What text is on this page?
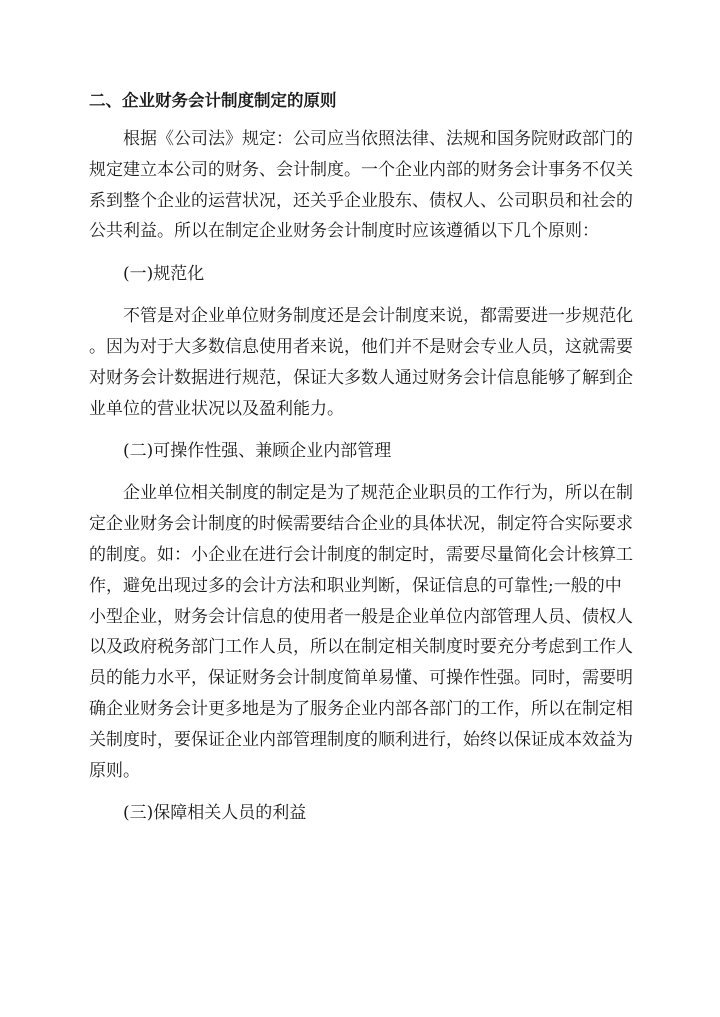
二、企业财务会计制度制定的原则
根据《公司法》规定：公司应当依照法律、法规和国务院财政部门的
规定建立本公司的财务、会计制度。一个企业内部的财务会计事务不仅关
系到整个企业的运营状况，还关乎企业股东、债权人、公司职员和社会的
公共利益。所以在制定企业财务会计制度时应该遵循以下几个原则：
(一)规范化
不管是对企业单位财务制度还是会计制度来说，都需要进一步规范化
。因为对于大多数信息使用者来说，他们并不是财会专业人员，这就需要
对财务会计数据进行规范，保证大多数人通过财务会计信息能够了解到企
业单位的营业状况以及盈利能力。
(二)可操作性强、兼顾企业内部管理
企业单位相关制度的制定是为了规范企业职员的工作行为，所以在制
定企业财务会计制度的时候需要结合企业的具体状况，制定符合实际要求
的制度。如：小企业在进行会计制度的制定时，需要尽量简化会计核算工
作，避免出现过多的会计方法和职业判断，保证信息的可靠性;一般的中
小型企业，财务会计信息的使用者一般是企业单位内部管理人员、债权人
以及政府税务部门工作人员，所以在制定相关制度时要充分考虑到工作人
员的能力水平，保证财务会计制度简单易懂、可操作性强。同时，需要明
确企业财务会计更多地是为了服务企业内部各部门的工作，所以在制定相
关制度时，要保证企业内部管理制度的顺利进行，始终以保证成本效益为
原则。
(三)保障相关人员的利益
